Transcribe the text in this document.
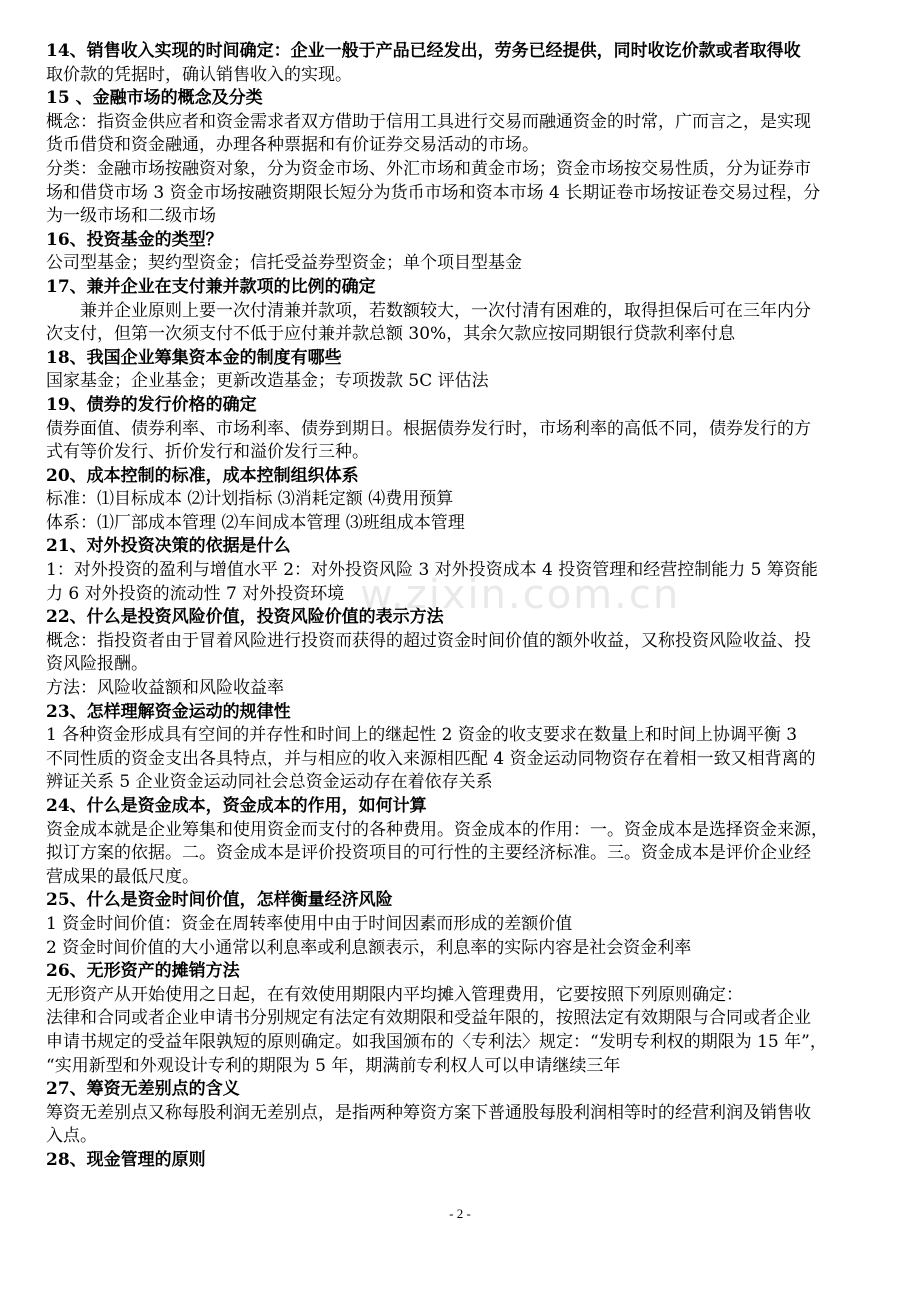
14、销售收入实现的时间确定：企业一般于产品已经发出，劳务已经提供，同时收讫价款或者取得收
取价款的凭据时，确认销售收入的实现。
15 、金融市场的概念及分类
概念：指资金供应者和资金需求者双方借助于信用工具进行交易而融通资金的时常，广而言之，是实现
货币借贷和资金融通，办理各种票据和有价证券交易活动的市场。
分类：金融市场按融资对象，分为资金市场、外汇市场和黄金市场；资金市场按交易性质，分为证券市
场和借贷市场 3 资金市场按融资期限长短分为货币市场和资本市场 4 长期证卷市场按证卷交易过程，分
为一级市场和二级市场
16、投资基金的类型？
公司型基金；契约型资金；信托受益券型资金；单个项目型基金
17、兼并企业在支付兼并款项的比例的确定
兼并企业原则上要一次付清兼并款项，若数额较大，一次付清有困难的，取得担保后可在三年内分
次支付，但第一次须支付不低于应付兼并款总额 30%，其余欠款应按同期银行贷款利率付息
18、我国企业筹集资本金的制度有哪些
国家基金；企业基金；更新改造基金；专项拨款 5C 评估法
19、债券的发行价格的确定
债券面值、债券利率、市场利率、债券到期日。根据债券发行时，市场利率的高低不同，债券发行的方
式有等价发行、折价发行和溢价发行三种。
20、成本控制的标准，成本控制组织体系
标准：⑴目标成本 ⑵计划指标 ⑶消耗定额 ⑷费用预算
体系：⑴厂部成本管理 ⑵车间成本管理 ⑶班组成本管理
21、对外投资决策的依据是什么
1：对外投资的盈利与增值水平 2：对外投资风险 3 对外投资成本 4 投资管理和经营控制能力 5 筹资能
力 6 对外投资的流动性 7 对外投资环境
22、什么是投资风险价值，投资风险价值的表示方法
概念：指投资者由于冒着风险进行投资而获得的超过资金时间价值的额外收益，又称投资风险收益、投
资风险报酬。
方法：风险收益额和风险收益率
23、怎样理解资金运动的规律性
1 各种资金形成具有空间的并存性和时间上的继起性 2 资金的收支要求在数量上和时间上协调平衡 3
不同性质的资金支出各具特点，并与相应的收入来源相匹配 4 资金运动同物资存在着相一致又相背离的
辨证关系 5 企业资金运动同社会总资金运动存在着依存关系
24、什么是资金成本，资金成本的作用，如何计算
资金成本就是企业筹集和使用资金而支付的各种费用。资金成本的作用：一。资金成本是选择资金来源，
拟订方案的依据。二。资金成本是评价投资项目的可行性的主要经济标准。三。资金成本是评价企业经
营成果的最低尺度。
25、什么是资金时间价值，怎样衡量经济风险
1 资金时间价值：资金在周转率使用中由于时间因素而形成的差额价值
2 资金时间价值的大小通常以利息率或利息额表示，利息率的实际内容是社会资金利率
26、无形资产的摊销方法
无形资产从开始使用之日起，在有效使用期限内平均摊入管理费用，它要按照下列原则确定：
法律和合同或者企业申请书分别规定有法定有效期限和受益年限的，按照法定有效期限与合同或者企业
申请书规定的受益年限孰短的原则确定。如我国颁布的〈专利法〉规定：“发明专利权的期限为 15 年”，
“实用新型和外观设计专利的期限为 5 年，期满前专利权人可以申请继续三年
27、筹资无差别点的含义
筹资无差别点又称每股利润无差别点，是指两种筹资方案下普通股每股利润相等时的经营利润及销售收
入点。
28、现金管理的原则
w.zixin.com.cn
- 2 -
